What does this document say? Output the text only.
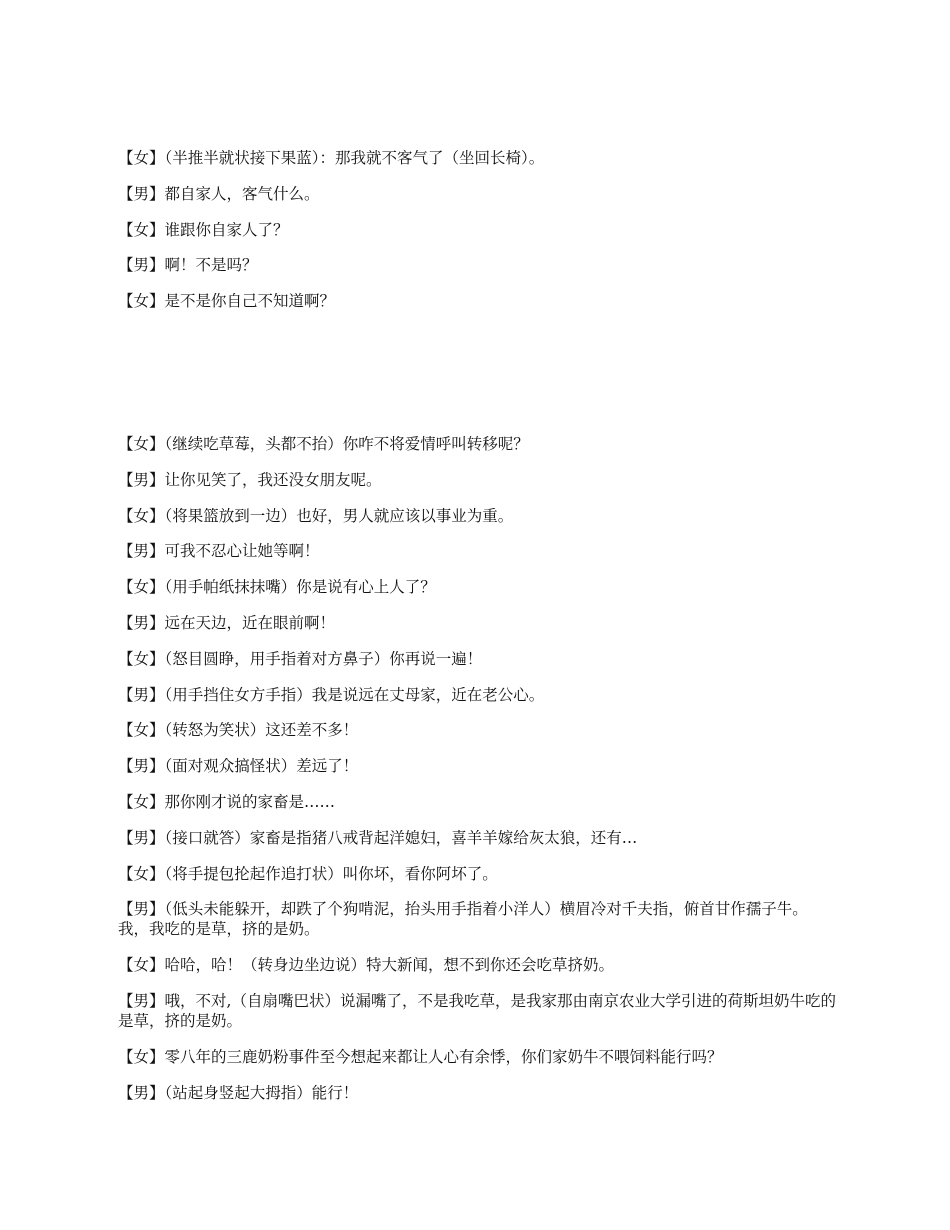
【女】（半推半就状接下果蓝）：那我就不客气了（坐回长椅）。

【男】都自家人，客气什么。

【女】谁跟你自家人了？

【男】啊！不是吗？

【女】是不是你自己不知道啊？

【女】（继续吃草莓，头都不抬）你咋不将爱情呼叫转移呢？

【男】让你见笑了，我还没女朋友呢。

【女】（将果篮放到一边）也好，男人就应该以事业为重。

【男】可我不忍心让她等啊！

【女】（用手帕纸抹抹嘴）你是说有心上人了？

【男】远在天边，近在眼前啊！

【女】（怒目圆睁，用手指着对方鼻子）你再说一遍！

【男】（用手挡住女方手指）我是说远在丈母家，近在老公心。

【女】（转怒为笑状）这还差不多！

【男】（面对观众搞怪状）差远了！

【女】那你刚才说的家畜是……

【男】（接口就答）家畜是指猪八戒背起洋媳妇，喜羊羊嫁给灰太狼，还有…

【女】（将手提包抡起作追打状）叫你坏，看你阿坏了。

【男】（低头未能躲开，却跌了个狗啃泥，抬头用手指着小洋人）横眉冷对千夫指，俯首甘作孺子牛。我，我吃的是草，挤的是奶。

【女】哈哈，哈！（转身边坐边说）特大新闻，想不到你还会吃草挤奶。

【男】哦，不对,（自扇嘴巴状）说漏嘴了，不是我吃草，是我家那由南京农业大学引进的荷斯坦奶牛吃的是草，挤的是奶。

【女】零八年的三鹿奶粉事件至今想起来都让人心有余悸，你们家奶牛不喂饲料能行吗？

【男】（站起身竖起大拇指）能行！
